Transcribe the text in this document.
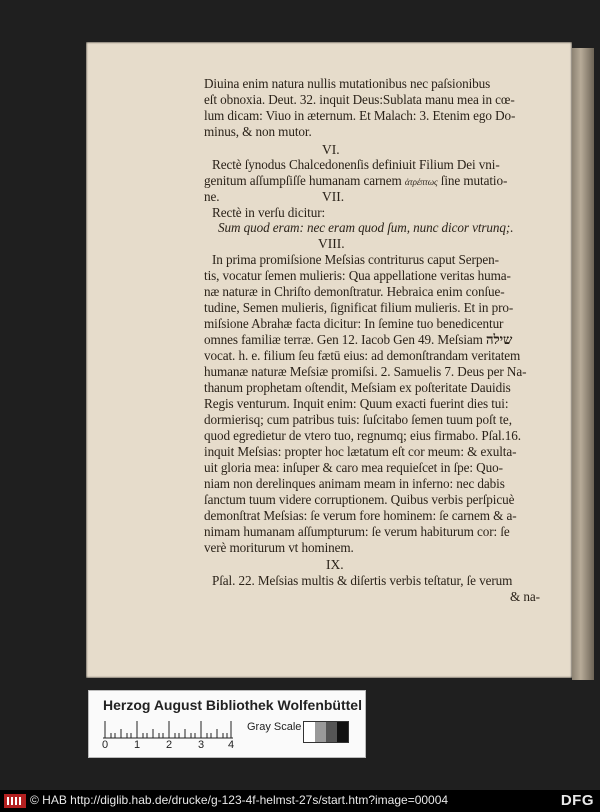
Diuina enim natura nullis mutationibus nec paſsionibus
eſt obnoxia. Deut. 32. inquit Deus:Sublata manu mea in cœ-
lum dicam: Viuo in æternum. Et Malach: 3. Etenim ego Do-
minus, & non mutor.
VI.
Rectè ſynodus Chalcedonenſis definiuit Filium Dei vni-
genitum aſſumpſiſſe humanam carnem ἀτρέπτως ſine mutatio-
ne.	VII.
Rectè in verſu dicitur:
Sum quod eram: nec eram quod ſum, nunc dicor vtrunq;.
VIII.
In prima promiſsione Meſsias contriturus caput Serpen-
tis, vocatur ſemen mulieris: Qua appellatione veritas huma-
næ naturæ in Chriſto demonſtratur. Hebraica enim conſue-
tudine, Semen mulieris, ſignificat filium mulieris. Et in pro-
miſsione Abrahæ facta dicitur: In ſemine tuo benedicentur
omnes familiæ terræ. Gen 12. Iacob Gen 49. Meſsiam שילה
vocat. h. e. filium ſeu fætū eius: ad demonſtrandam veritatem
humanæ naturæ Meſsiæ promiſsi. 2. Samuelis 7. Deus per Na-
thanum prophetam oſtendit, Meſsiam ex poſteritate Dauidis
Regis venturum. Inquit enim: Quum exacti fuerint dies tui:
dormierisq; cum patribus tuis: ſuſcitabo ſemen tuum poſt te,
quod egredietur de vtero tuo, regnumq; eius firmabo. Pſal.16.
inquit Meſsias: propter hoc lætatum eſt cor meum: & exulta-
uit gloria mea: inſuper & caro mea requieſcet in ſpe: Quo-
niam non derelinques animam meam in inferno: nec dabis
ſanctum tuum videre corruptionem. Quibus verbis perſpicuè
demonſtrat Meſsias: ſe verum fore hominem: ſe carnem & a-
nimam humanam aſſumpturum: ſe verum habiturum cor: ſe
verè moriturum vt hominem.
IX.
Pſal. 22. Meſsias multis & diſertis verbis teſtatur, ſe verum
& na-
Herzog August Bibliothek Wolfenbüttel
0 1 2 3 4
Gray Scale
© HAB http://diglib.hab.de/drucke/g-123-4f-helmst-27s/start.htm?image=00004	DFG
